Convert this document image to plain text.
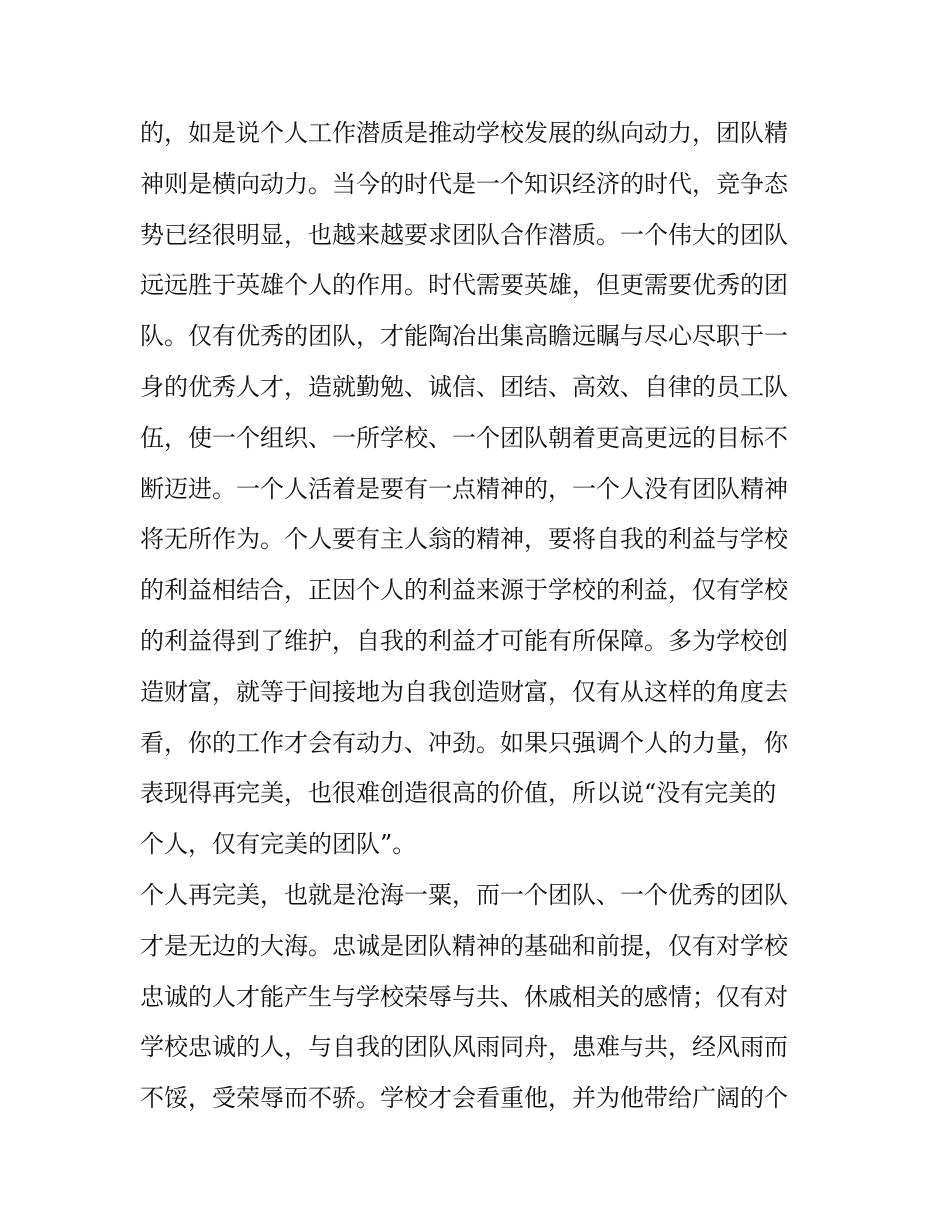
的，如是说个人工作潜质是推动学校发展的纵向动力，团队精
神则是横向动力。当今的时代是一个知识经济的时代，竞争态
势已经很明显，也越来越要求团队合作潜质。一个伟大的团队
远远胜于英雄个人的作用。时代需要英雄，但更需要优秀的团
队。仅有优秀的团队，才能陶冶出集高瞻远瞩与尽心尽职于一
身的优秀人才，造就勤勉、诚信、团结、高效、自律的员工队
伍，使一个组织、一所学校、一个团队朝着更高更远的目标不
断迈进。一个人活着是要有一点精神的，一个人没有团队精神
将无所作为。个人要有主人翁的精神，要将自我的利益与学校
的利益相结合，正因个人的利益来源于学校的利益，仅有学校
的利益得到了维护，自我的利益才可能有所保障。多为学校创
造财富，就等于间接地为自我创造财富，仅有从这样的角度去
看，你的工作才会有动力、冲劲。如果只强调个人的力量，你
表现得再完美，也很难创造很高的价值，所以说“没有完美的
个人，仅有完美的团队”。
个人再完美，也就是沧海一粟，而一个团队、一个优秀的团队
才是无边的大海。忠诚是团队精神的基础和前提，仅有对学校
忠诚的人才能产生与学校荣辱与共、休戚相关的感情；仅有对
学校忠诚的人，与自我的团队风雨同舟，患难与共，经风雨而
不馁，受荣辱而不骄。学校才会看重他，并为他带给广阔的个
